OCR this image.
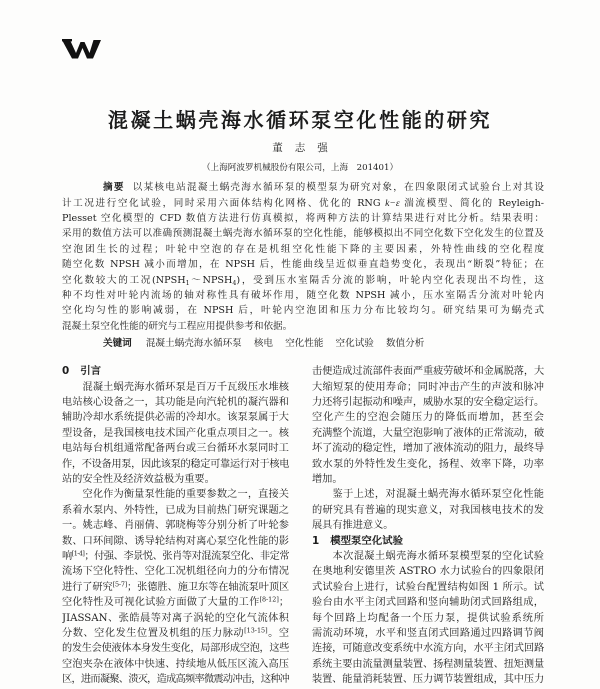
混凝土蜗壳海水循环泵空化性能的研究
董志强
（上海阿波罗机械股份有限公司，上海　201401）
摘要 以某核电站混凝土蜗壳海水循环泵的模型泵为研究对象，在四象限闭式试验台上对其设
计工况进行空化试验，同时采用六面体结构化网格、优化的 RNG k−ε 湍流模型、简化的 Reyleigh-
Plesset 空化模型的 CFD 数值方法进行仿真模拟，将两种方法的计算结果进行对比分析。结果表明：
采用的数值方法可以准确预测混凝土蜗壳海水循环泵的空化性能，能够模拟出不同空化数下空化发生的位置及
空泡团生长的过程；叶轮中空泡的存在是机组空化性能下降的主要因素，外特性曲线的空化程度
随空化数 NPSH 减小而增加，在 NPSH 后，性能曲线呈近似垂直趋势变化，表现出“断裂”特征；在
空化数较大的工况$(NPSH_1\sim NPSH_4)$，受到压水室隔舌分流的影响，叶轮内空化表现出不均性，这
种不均性对叶轮内流场的轴对称性具有破坏作用，随空化数 NPSH 减小，压水室隔舌分流对叶轮内
空化均匀性的影响减弱，在 NPSH 后，叶轮内空泡团和压力分布比较均匀。研究结果可为蜗壳式
混凝土泵空化性能的研究与工程应用提供参考和依据。
关键词 混凝土蜗壳海水循环泵 核电 空化性能 空化试验 数值分析
0 引言
混凝土蜗壳海水循环泵是百万千瓦级压水堆核
电站核心设备之一，其功能是向汽轮机的凝汽器和
辅助冷却水系统提供必需的冷却水。该泵泵属于大
型设备，是我国核电技术国产化重点项目之一。核
电站每台机组通常配备两台或三台循环水泵同时工
作，不设备用泵，因此该泵的稳定可靠运行对于核电
站的安全性及经济效益极为重要。
空化作为衡量泵性能的重要参数之一，直接关
系着水泵内、外特性，已成为目前热门研究课题之
一。姚志峰、肖丽倩、郭晓梅等分别分析了叶轮参
数、口环间隙、诱导轮结构对离心泵空化性能的影
响[1-4]；付强、李景悦、张肖等对混流泵空化、非定常
流场下空化特性、空化工况机组径向力的分布情况
进行了研究[5-7]；张德胜、施卫东等在轴流泵叶顶区
空化特性及可视化试验方面做了大量的工作[8-12]；
JIASSAN、张皓晨等对离子涡轮的空化气流体积
分数、空化发生位置及机组的压力脉动[13-15]。空
的发生会使液体本身发生变化，局部形成空泡，这些
空泡夹杂在液体中快速、持续地从低压区流入高压
区，进而凝聚、溃灭，造成高频率微震动冲击，这种冲
击便造成过流部件表面严重疲劳破坏和金属脱落，大
大缩短泵的使用寿命；同时冲击产生的声波和脉冲
力还将引起振动和噪声，威胁水泵的安全稳定运行。
空化产生的空泡会随压力的降低而增加，甚至会
充满整个流道，大量空泡影响了液体的正常流动，破
坏了流动的稳定性，增加了液体流动的阻力，最终导
致水泵的外特性发生变化，扬程、效率下降，功率
增加。
鉴于上述，对混凝土蜗壳海水循环泵空化性能
的研究具有普遍的现实意义，对我国核电技术的发
展具有推进意义。
1 模型泵空化试验
本次混凝土蜗壳海水循环泵模型泵的空化试验
在奥地利安德里茨 ASTRO 水力试验台的四象限闭
式试验台上进行，试验台配置结构如图 1 所示。试
验台由水平主闭式回路和竖向辅助闭式回路组成，
每个回路上均配备一个压力泵，提供试验系统所
需流动环境，水平和竖直闭式回路通过四路调节阀
连接，可随意改变系统中水流方向，水平主闭式回路
系统主要由流量测量装置、扬程测量装置、扭矩测量
装置、能量消耗装置、压力调节装置组成，其中压力
